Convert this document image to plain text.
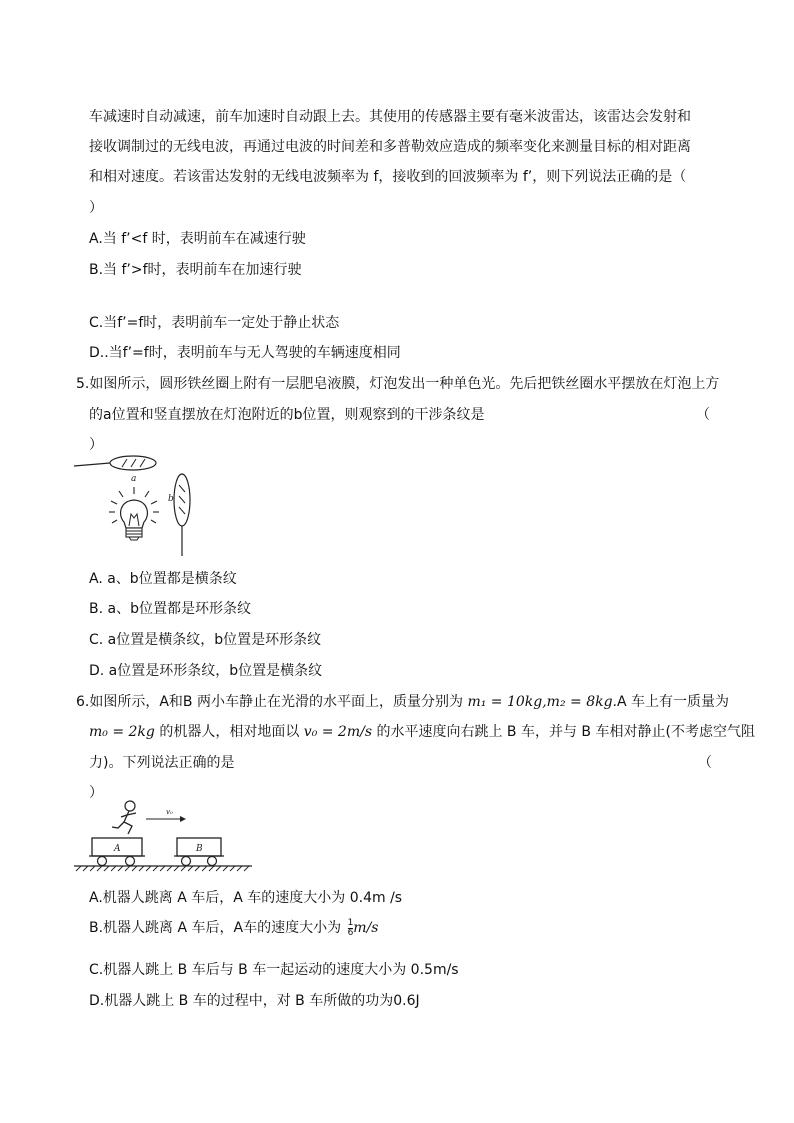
车减速时自动减速，前车加速时自动跟上去。其使用的传感器主要有毫米波雷达，该雷达会发射和
接收调制过的无线电波，再通过电波的时间差和多普勒效应造成的频率变化来测量目标的相对距离
和相对速度。若该雷达发射的无线电波频率为 f，接收到的回波频率为 f’，则下列说法正确的是（
）
A.当 f’<f 时，表明前车在减速行驶
B.当 f’>f时，表明前车在加速行驶
C.当f’=f时，表明前车一定处于静止状态
D..当f’=f时，表明前车与无人驾驶的车辆速度相同
5.如图所示，圆形铁丝圈上附有一层肥皂液膜，灯泡发出一种单色光。先后把铁丝圈水平摆放在灯泡上方
的a位置和竖直摆放在灯泡附近的b位置，则观察到的干涉条纹是	（
）
a
b
A. a、b位置都是横条纹
B. a、b位置都是环形条纹
C. a位置是横条纹，b位置是环形条纹
D. a位置是环形条纹，b位置是横条纹
6.如图所示，A和B 两小车静止在光滑的水平面上，质量分别为 m₁ = 10kg,m₂ = 8kg.A 车上有一质量为
m₀ = 2kg 的机器人，相对地面以 v₀ = 2m/s 的水平速度向右跳上 B 车，并与 B 车相对静止(不考虑空气阻
力)。下列说法正确的是	（
）
v₀
A	B
A.机器人跳离 A 车后，A 车的速度大小为 0.4m /s
B.机器人跳离 A 车后，A车的速度大小为 $\frac{1}{6} m/s$
C.机器人跳上 B 车后与 B 车一起运动的速度大小为 0.5m/s
D.机器人跳上 B 车的过程中，对 B 车所做的功为0.6J
